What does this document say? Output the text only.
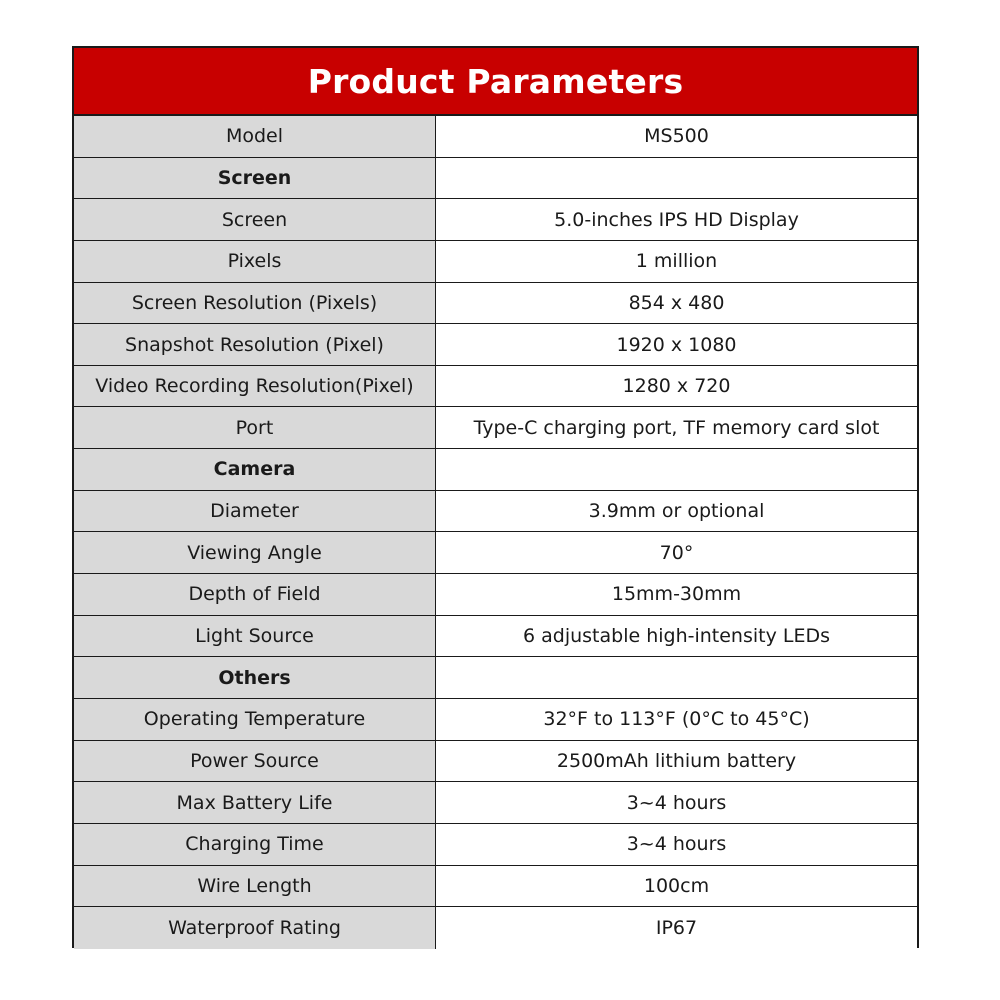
Product Parameters
Model	MS500
Screen
Screen	5.0-inches IPS HD Display
Pixels	1 million
Screen Resolution (Pixels)	854 x 480
Snapshot Resolution (Pixel)	1920 x 1080
Video Recording Resolution(Pixel)	1280 x 720
Port	Type-C charging port, TF memory card slot
Camera
Diameter	3.9mm or optional
Viewing Angle	70°
Depth of Field	15mm-30mm
Light Source	6 adjustable high-intensity LEDs
Others
Operating Temperature	32°F to 113°F (0°C to 45°C)
Power Source	2500mAh lithium battery
Max Battery Life	3~4 hours
Charging Time	3~4 hours
Wire Length	100cm
Waterproof Rating	IP67
